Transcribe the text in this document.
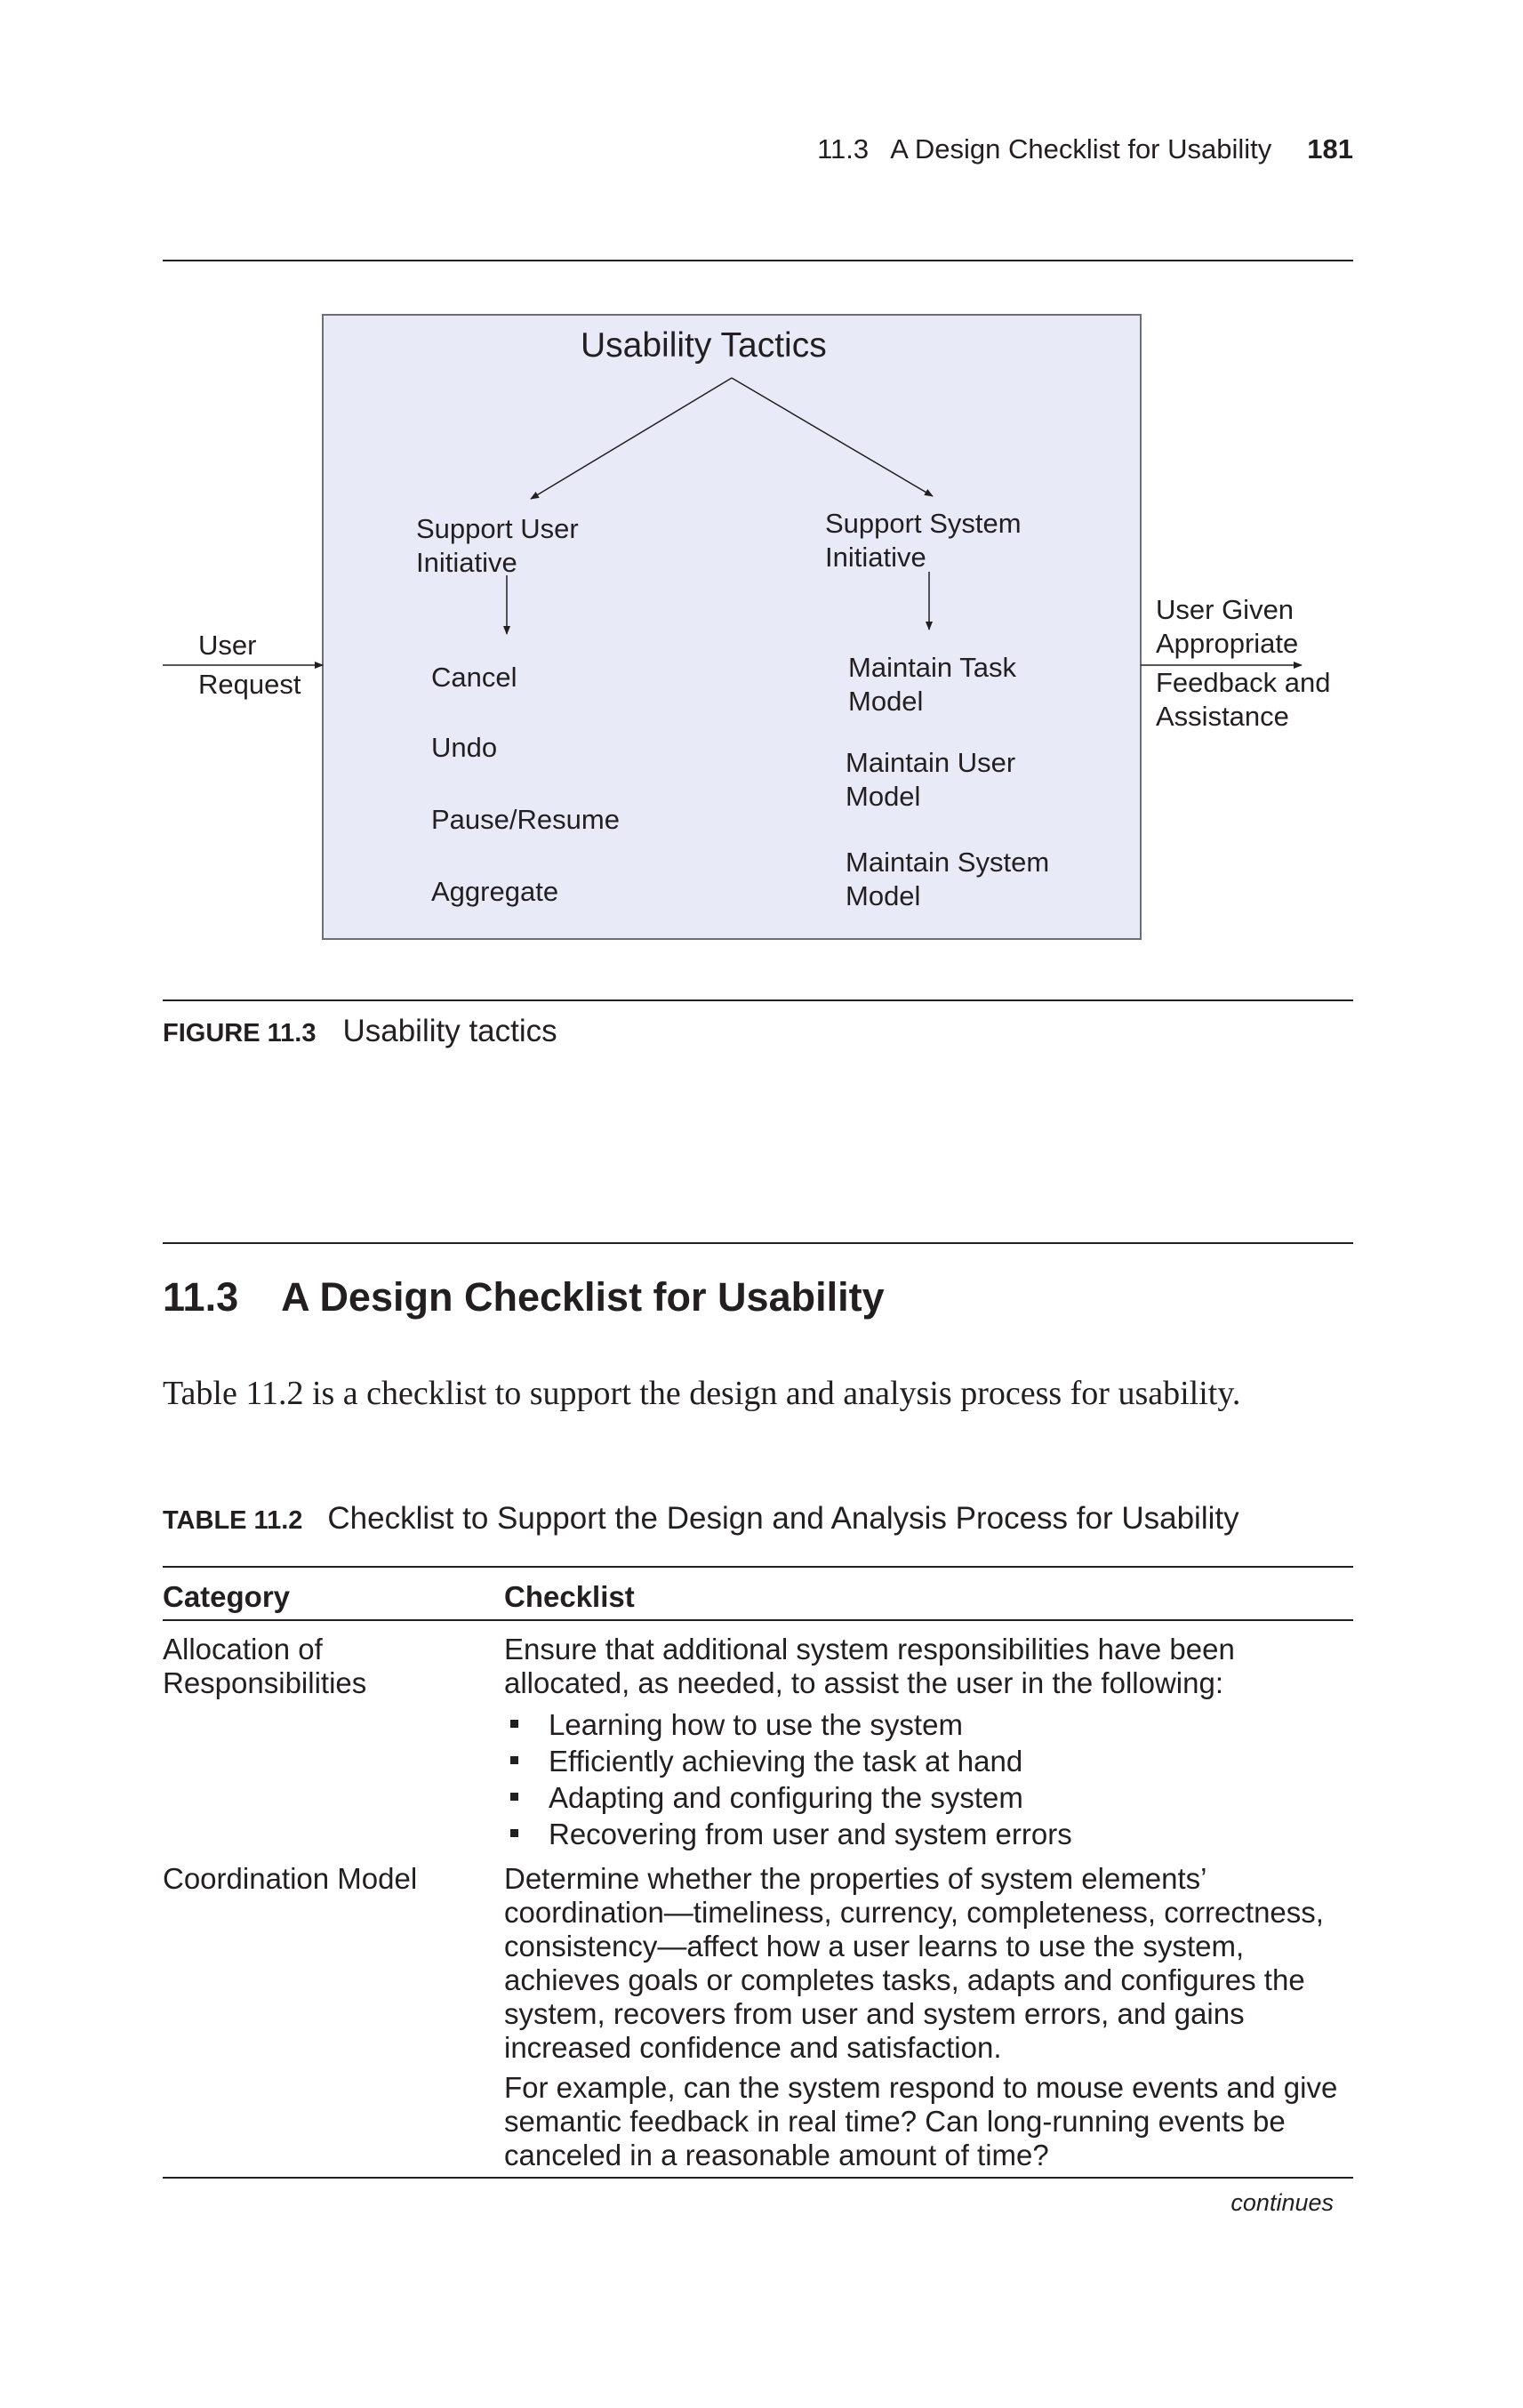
11.3   A Design Checklist for Usability 181
Usability Tactics
User
Request
User Given
Appropriate
Feedback and
Assistance
Support User
Initiative
Cancel
Undo
Pause/Resume
Aggregate
Support System
Initiative
Maintain Task
Model
Maintain User
Model
Maintain System
Model
FIGURE 11.3 Usability tactics
11.3 A Design Checklist for Usability
Table 11.2 is a checklist to support the design and analysis process for usability.
TABLE 11.2 Checklist to Support the Design and Analysis Process for Usability
Category	Checklist
Allocation of Responsibilities

Ensure that additional system responsibilities have been allocated, as needed, to assist the user in the following:

Learning how to use the system
Efficiently achieving the task at hand
Adapting and configuring the system
Recovering from user and system errors
Coordination Model	Determine whether the properties of system elements’ coordination—timeliness, currency, completeness, correctness, consistency—affect how a user learns to use the system, achieves goals or completes tasks, adapts and configures the system, recovers from user and system errors, and gains increased confidence and satisfaction.

For example, can the system respond to mouse events and give semantic feedback in real time? Can long-running events be canceled in a reasonable amount of time?

continues
